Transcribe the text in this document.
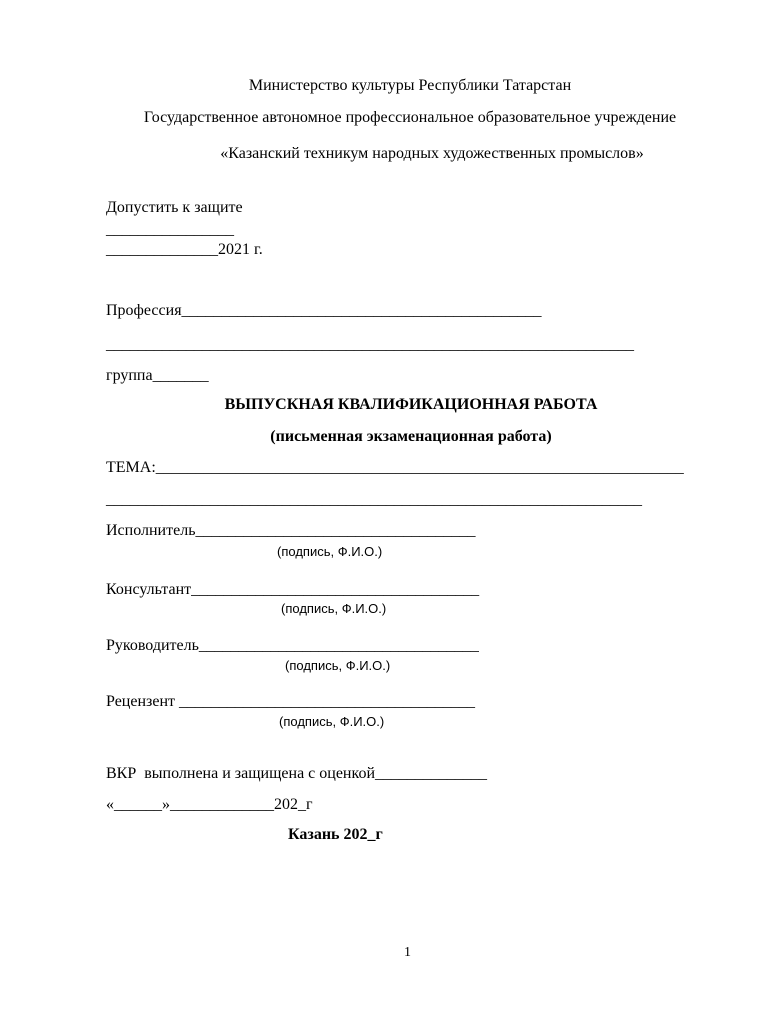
Министерство культуры Республики Татарстан
Государственное автономное профессиональное образовательное учреждение
«Казанский техникум народных художественных промыслов»
Допустить к защите
________________
______________2021 г.
Профессия_____________________________________________
__________________________________________________________________
группа_______
ВЫПУСКНАЯ КВАЛИФИКАЦИОННАЯ РАБОТА
(письменная экзаменационная работа)
ТЕМА:__________________________________________________________________
___________________________________________________________________
Исполнитель___________________________________
(подпись, Ф.И.О.)
Консультант____________________________________
(подпись, Ф.И.О.)
Руководитель___________________________________
(подпись, Ф.И.О.)
Рецензент _____________________________________
(подпись, Ф.И.О.)
ВКР  выполнена и защищена с оценкой______________
«______»_____________202_г
Казань 202_г
1
